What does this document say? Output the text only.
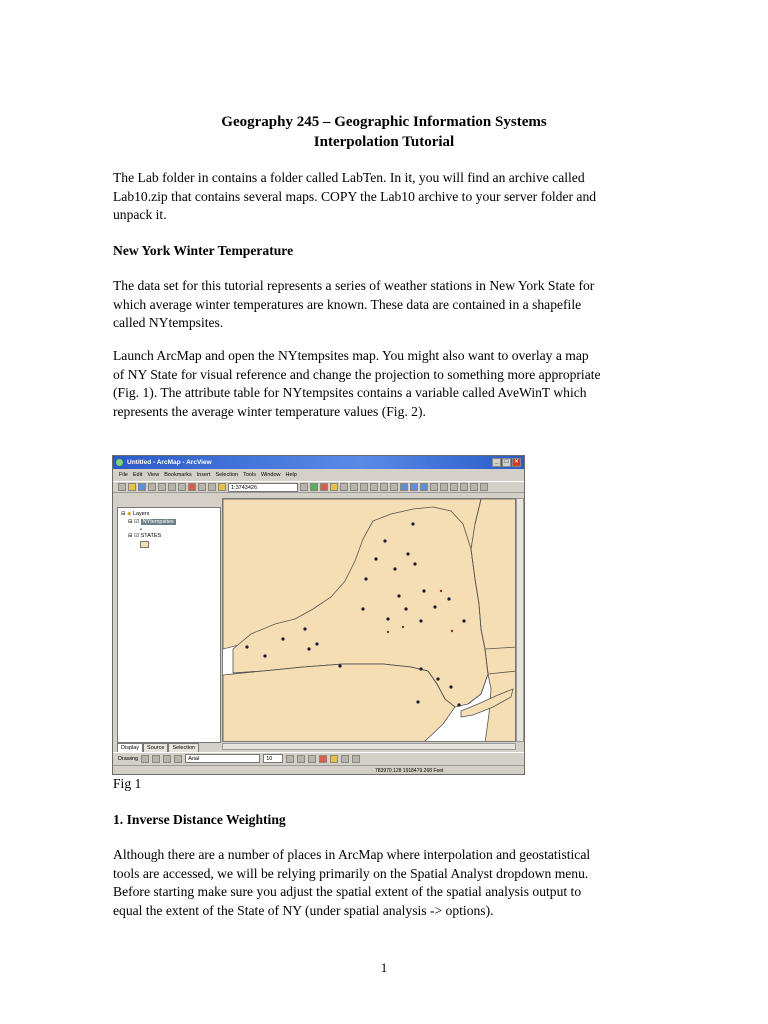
Geography 245 – Geographic Information Systems
Interpolation Tutorial

The Lab folder in contains a folder called LabTen. In it, you will find an archive called
Lab10.zip that contains several maps. COPY the Lab10 archive to your server folder and
unpack it.

New York Winter Temperature

The data set for this tutorial represents a series of weather stations in New York State for
which average winter temperatures are known. These data are contained in a shapefile
called NYtempsites.

Launch ArcMap and open the NYtempsites map. You might also want to overlay a map
of NY State for visual reference and change the projection to something more appropriate
(Fig. 1). The attribute table for NYtempsites contains a variable called AveWinT which
represents the average winter temperature values (Fig. 2).

Untitled - ArcMap - ArcView	_	□	×
File Edit View Bookmarks Insert Selection Tools Window Help
1:3743426
⊟ ◆ Layers
⊟ ☑ NYtempsites
•
⊟ ☑ STATES
Display	Source	Selection
Drawing	Arial	10
783970.128 1918479.268 Feet
Fig 1
1. Inverse Distance Weighting

Although there are a number of places in ArcMap where interpolation and geostatistical
tools are accessed, we will be relying primarily on the Spatial Analyst dropdown menu.
Before starting make sure you adjust the spatial extent of the spatial analysis output to
equal the extent of the State of NY (under spatial analysis -> options).

1
